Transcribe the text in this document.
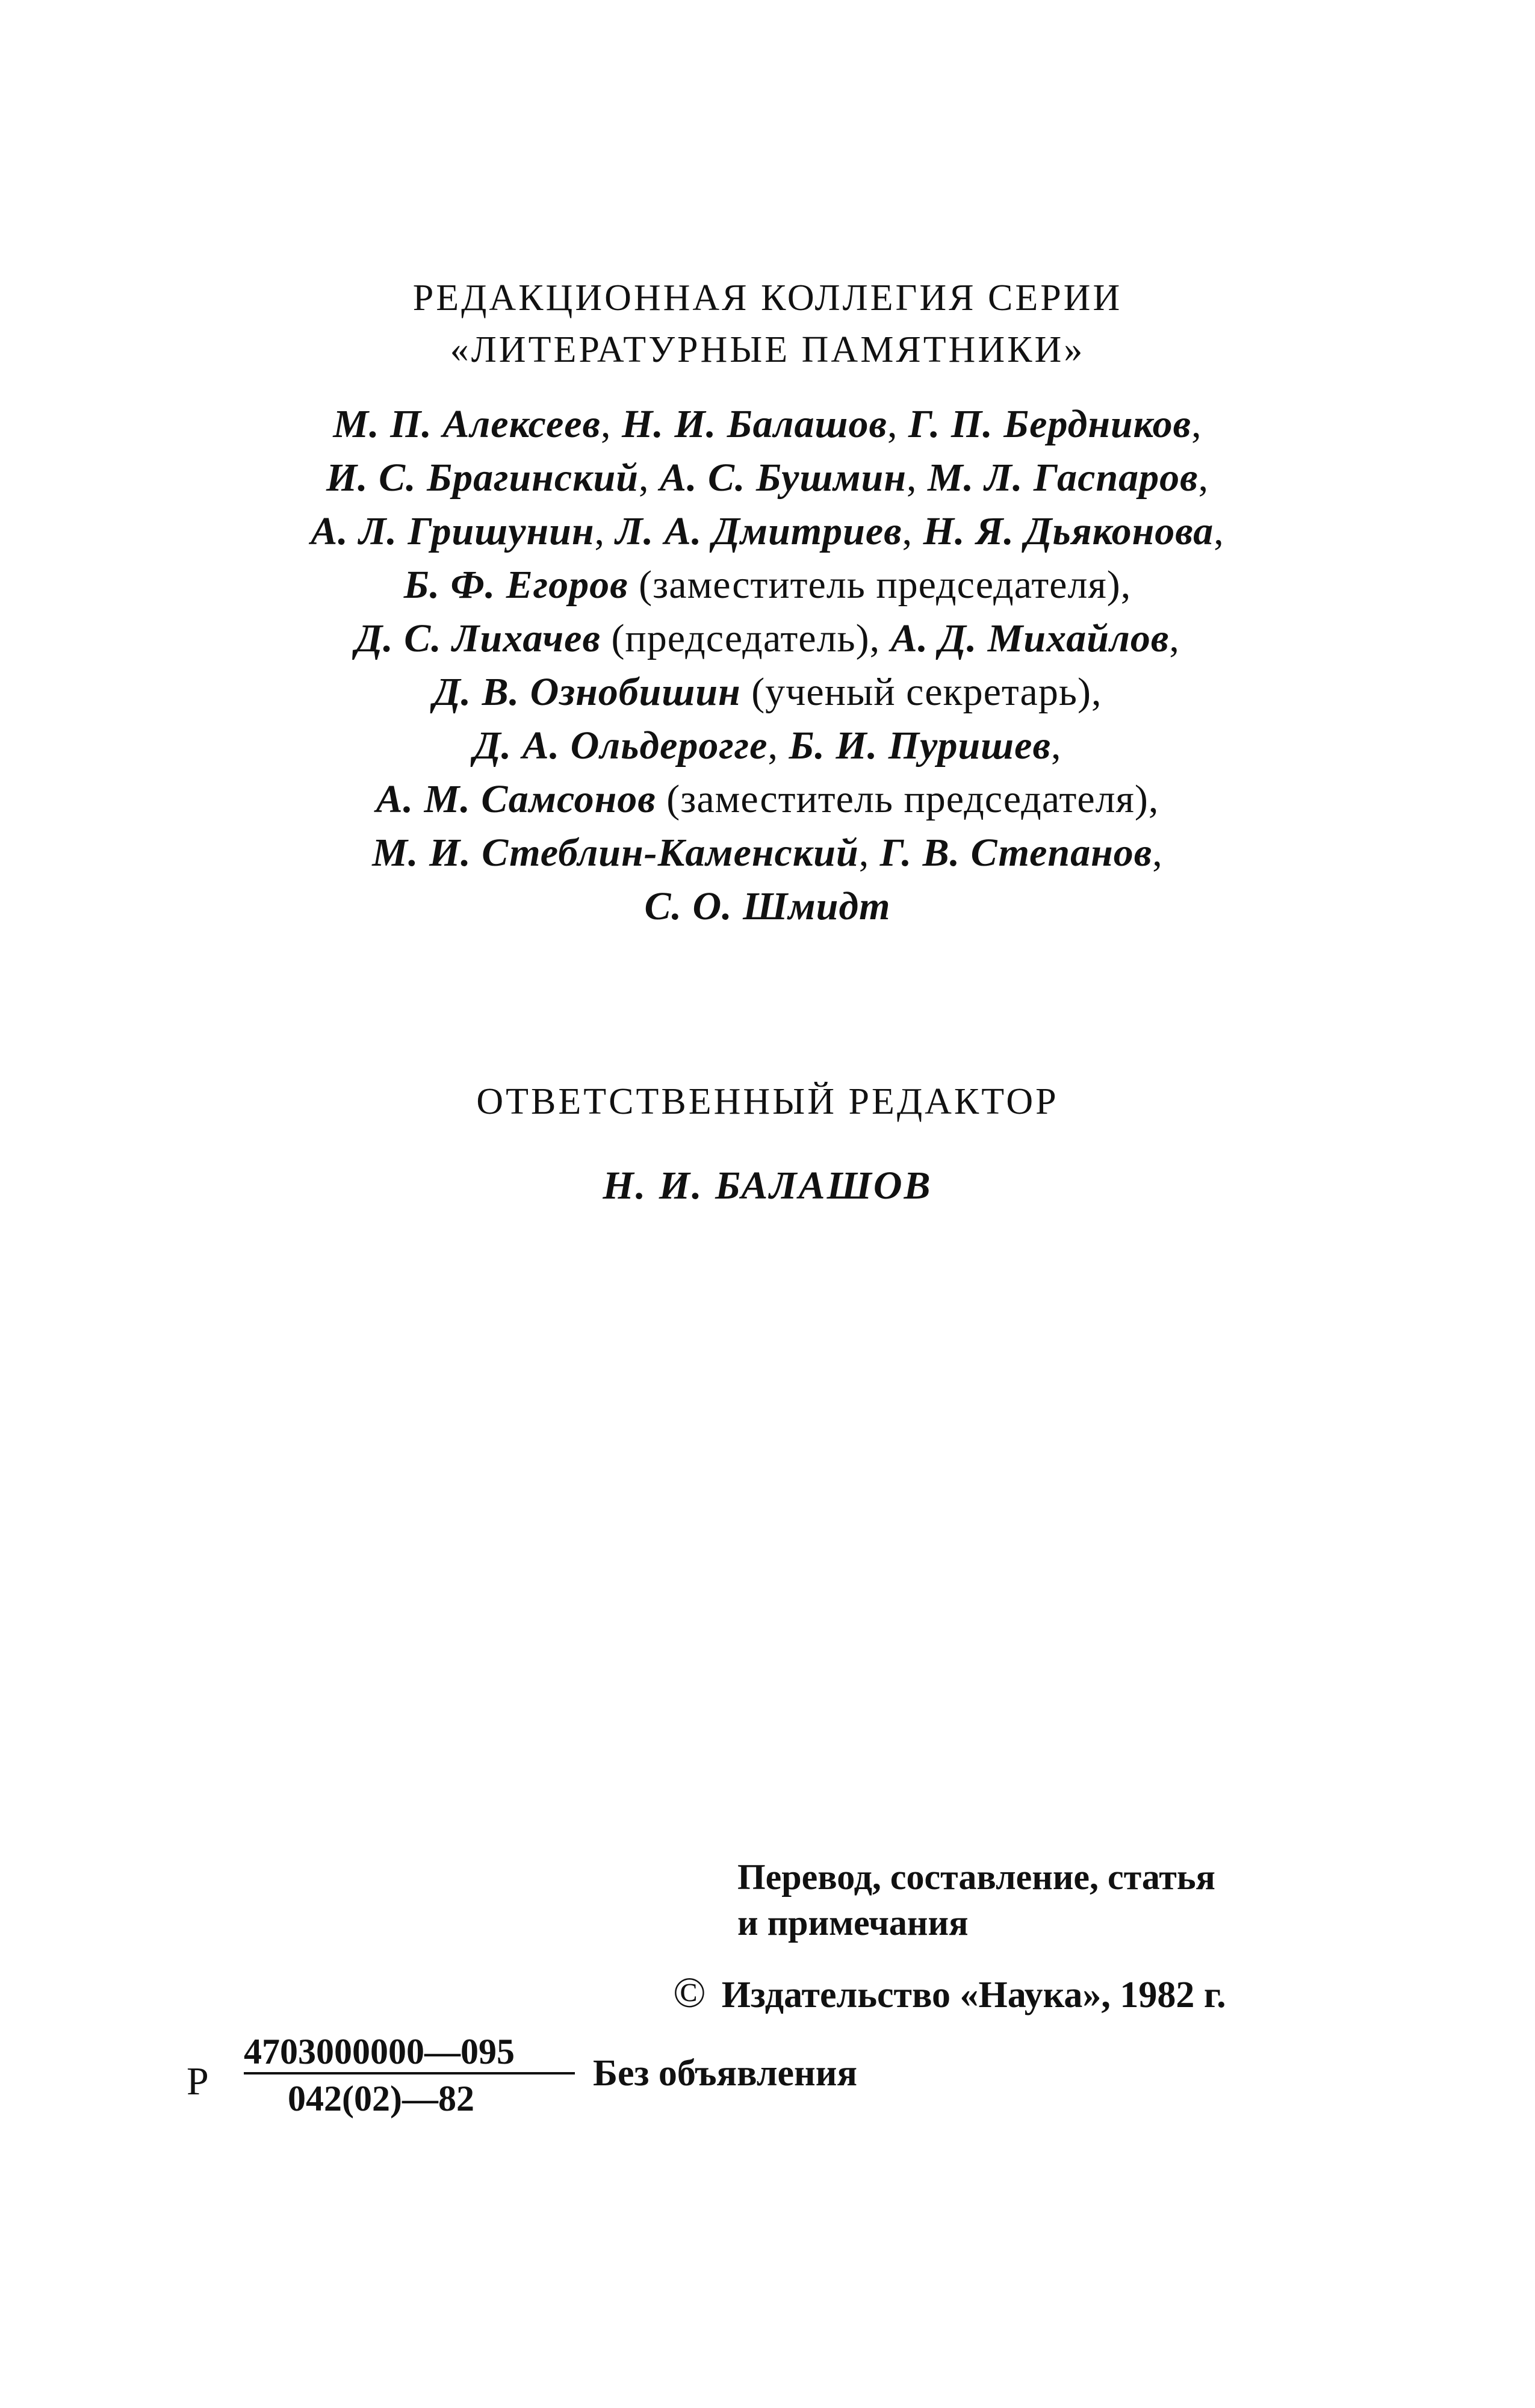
РЕДАКЦИОННАЯ КОЛЛЕГИЯ СЕРИИ
«ЛИТЕРАТУРНЫЕ ПАМЯТНИКИ»
М. П. Алексеев, Н. И. Балашов, Г. П. Бердников,
И. С. Брагинский, А. С. Бушмин, М. Л. Гаспаров,
А. Л. Гришунин, Л. А. Дмитриев, Н. Я. Дьяконова,
Б. Ф. Егоров (заместитель председателя),
Д. С. Лихачев (председатель), А. Д. Михайлов,
Д. В. Ознобишин (ученый секретарь),
Д. А. Ольдерогге, Б. И. Пуришев,
А. М. Самсонов (заместитель председателя),
М. И. Стеблин-Каменский, Г. В. Степанов,
С. О. Шмидт
ОТВЕТСТВЕННЫЙ РЕДАКТОР
Н. И. БАЛАШОВ
Перевод, составление, статья
и примечания
© Издательство «Наука», 1982 г.
Р
4703000000—095
042(02)—82
Без объявления
